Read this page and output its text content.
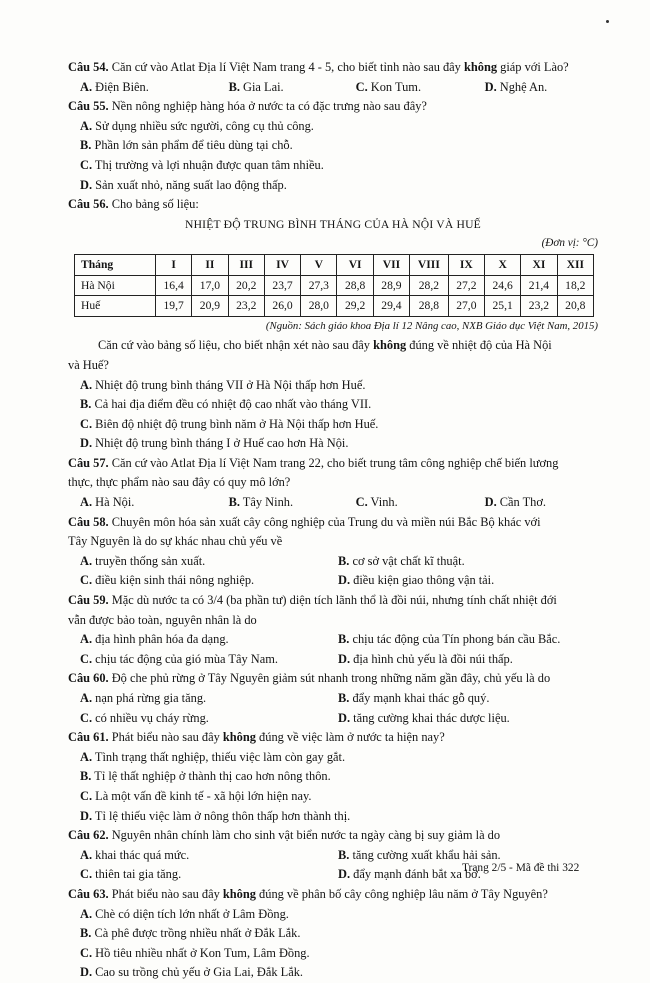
Câu 54. Căn cứ vào Atlat Địa lí Việt Nam trang 4 - 5, cho biết tỉnh nào sau đây không giáp với Lào?
A. Điện Biên.	B. Gia Lai.	C. Kon Tum.	D. Nghệ An.
Câu 55. Nền nông nghiệp hàng hóa ở nước ta có đặc trưng nào sau đây?
A. Sử dụng nhiều sức người, công cụ thủ công.
B. Phần lớn sản phẩm để tiêu dùng tại chỗ.
C. Thị trường và lợi nhuận được quan tâm nhiều.
D. Sản xuất nhỏ, năng suất lao động thấp.
Câu 56. Cho bảng số liệu:
NHIỆT ĐỘ TRUNG BÌNH THÁNG CỦA HÀ NỘI VÀ HUẾ
(Đơn vị: °C)
Tháng	I	II	III	IV	V	VI	VII	VIII	IX	X	XI	XII
Hà Nội	16,4	17,0	20,2	23,7	27,3	28,8	28,9	28,2	27,2	24,6	21,4	18,2
Huế	19,7	20,9	23,2	26,0	28,0	29,2	29,4	28,8	27,0	25,1	23,2	20,8
(Nguồn: Sách giáo khoa Địa lí 12 Nâng cao, NXB Giáo dục Việt Nam, 2015)
Căn cứ vào bảng số liệu, cho biết nhận xét nào sau đây không đúng về nhiệt độ của Hà Nội
và Huế?
A. Nhiệt độ trung bình tháng VII ở Hà Nội thấp hơn Huế.
B. Cả hai địa điểm đều có nhiệt độ cao nhất vào tháng VII.
C. Biên độ nhiệt độ trung bình năm ở Hà Nội thấp hơn Huế.
D. Nhiệt độ trung bình tháng I ở Huế cao hơn Hà Nội.
Câu 57. Căn cứ vào Atlat Địa lí Việt Nam trang 22, cho biết trung tâm công nghiệp chế biến lương
thực, thực phẩm nào sau đây có quy mô lớn?
A. Hà Nội.	B. Tây Ninh.	C. Vinh.	D. Cần Thơ.
Câu 58. Chuyên môn hóa sản xuất cây công nghiệp của Trung du và miền núi Bắc Bộ khác với
Tây Nguyên là do sự khác nhau chủ yếu về
A. truyền thống sản xuất.	B. cơ sở vật chất kĩ thuật.
C. điều kiện sinh thái nông nghiệp.	D. điều kiện giao thông vận tải.
Câu 59. Mặc dù nước ta có 3/4 (ba phần tư) diện tích lãnh thổ là đồi núi, nhưng tính chất nhiệt đới
vẫn được bảo toàn, nguyên nhân là do
A. địa hình phân hóa đa dạng.	B. chịu tác động của Tín phong bán cầu Bắc.
C. chịu tác động của gió mùa Tây Nam.	D. địa hình chủ yếu là đồi núi thấp.
Câu 60. Độ che phủ rừng ở Tây Nguyên giảm sút nhanh trong những năm gần đây, chủ yếu là do
A. nạn phá rừng gia tăng.	B. đẩy mạnh khai thác gỗ quý.
C. có nhiều vụ cháy rừng.	D. tăng cường khai thác dược liệu.
Câu 61. Phát biểu nào sau đây không đúng về việc làm ở nước ta hiện nay?
A. Tình trạng thất nghiệp, thiếu việc làm còn gay gắt.
B. Tỉ lệ thất nghiệp ở thành thị cao hơn nông thôn.
C. Là một vấn đề kinh tế - xã hội lớn hiện nay.
D. Tỉ lệ thiếu việc làm ở nông thôn thấp hơn thành thị.
Câu 62. Nguyên nhân chính làm cho sinh vật biển nước ta ngày càng bị suy giảm là do
A. khai thác quá mức.	B. tăng cường xuất khẩu hải sản.
C. thiên tai gia tăng.	D. đẩy mạnh đánh bắt xa bờ.
Câu 63. Phát biểu nào sau đây không đúng về phân bố cây công nghiệp lâu năm ở Tây Nguyên?
A. Chè có diện tích lớn nhất ở Lâm Đồng.
B. Cà phê được trồng nhiều nhất ở Đắk Lắk.
C. Hồ tiêu nhiều nhất ở Kon Tum, Lâm Đồng.
D. Cao su trồng chủ yếu ở Gia Lai, Đắk Lắk.
Trang 2/5 - Mã đề thi 322
